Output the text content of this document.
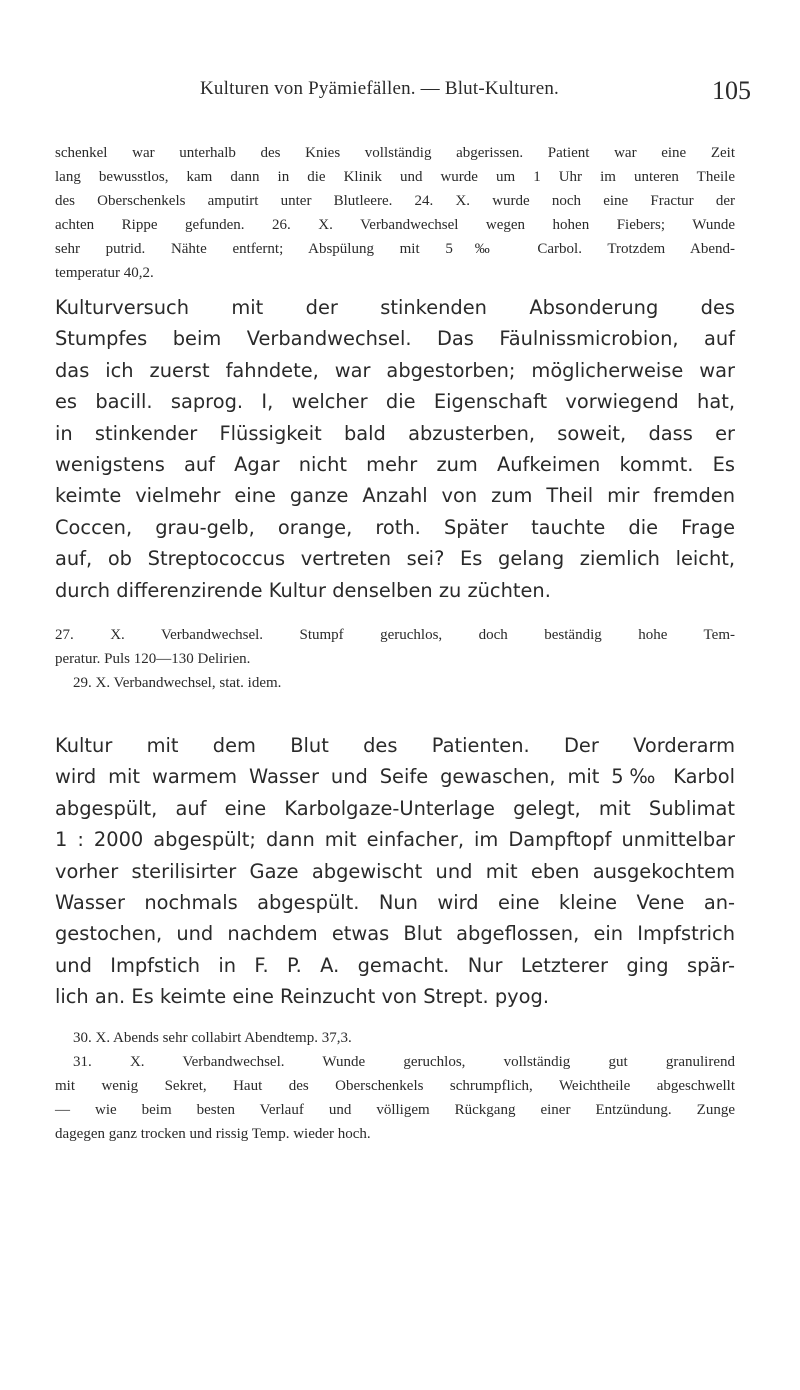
Kulturen von Pyämiefällen. — Blut-Kulturen.	105
schenkel war unterhalb des Knies vollständig abgerissen. Patient war eine Zeit
lang bewusstlos, kam dann in die Klinik und wurde um 1 Uhr im unteren Theile
des Oberschenkels amputirt unter Blutleere. 24. X. wurde noch eine Fractur der
achten Rippe gefunden. 26. X. Verbandwechsel wegen hohen Fiebers; Wunde
sehr putrid. Nähte entfernt; Abspülung mit 5‰ Carbol. Trotzdem Abend-
temperatur 40,2.
Kulturversuch mit der stinkenden Absonderung des
Stumpfes beim Verbandwechsel. Das Fäulnissmicrobion, auf
das ich zuerst fahndete, war abgestorben; möglicherweise war
es bacill. saprog. I, welcher die Eigenschaft vorwiegend hat,
in stinkender Flüssigkeit bald abzusterben, soweit, dass er
wenigstens auf Agar nicht mehr zum Aufkeimen kommt. Es
keimte vielmehr eine ganze Anzahl von zum Theil mir fremden
Coccen, grau-gelb, orange, roth. Später tauchte die Frage
auf, ob Streptococcus vertreten sei? Es gelang ziemlich leicht,
durch differenzirende Kultur denselben zu züchten.
27. X. Verbandwechsel. Stumpf geruchlos, doch beständig hohe Tem-
peratur. Puls 120—130 Delirien.
29. X. Verbandwechsel, stat. idem.
Kultur mit dem Blut des Patienten. Der Vorderarm
wird mit warmem Wasser und Seife gewaschen, mit 5‰ Karbol
abgespült, auf eine Karbolgaze-Unterlage gelegt, mit Sublimat
1 : 2000 abgespült; dann mit einfacher, im Dampftopf unmittelbar
vorher sterilisirter Gaze abgewischt und mit eben ausgekochtem
Wasser nochmals abgespült. Nun wird eine kleine Vene an-
gestochen, und nachdem etwas Blut abgeflossen, ein Impfstrich
und Impfstich in F. P. A. gemacht. Nur Letzterer ging spär-
lich an. Es keimte eine Reinzucht von Strept. pyog.
30. X. Abends sehr collabirt Abendtemp. 37,3.
31. X. Verbandwechsel. Wunde geruchlos, vollständig gut granulirend
mit wenig Sekret, Haut des Oberschenkels schrumpflich, Weichtheile abgeschwellt
— wie beim besten Verlauf und völligem Rückgang einer Entzündung. Zunge
dagegen ganz trocken und rissig Temp. wieder hoch.
